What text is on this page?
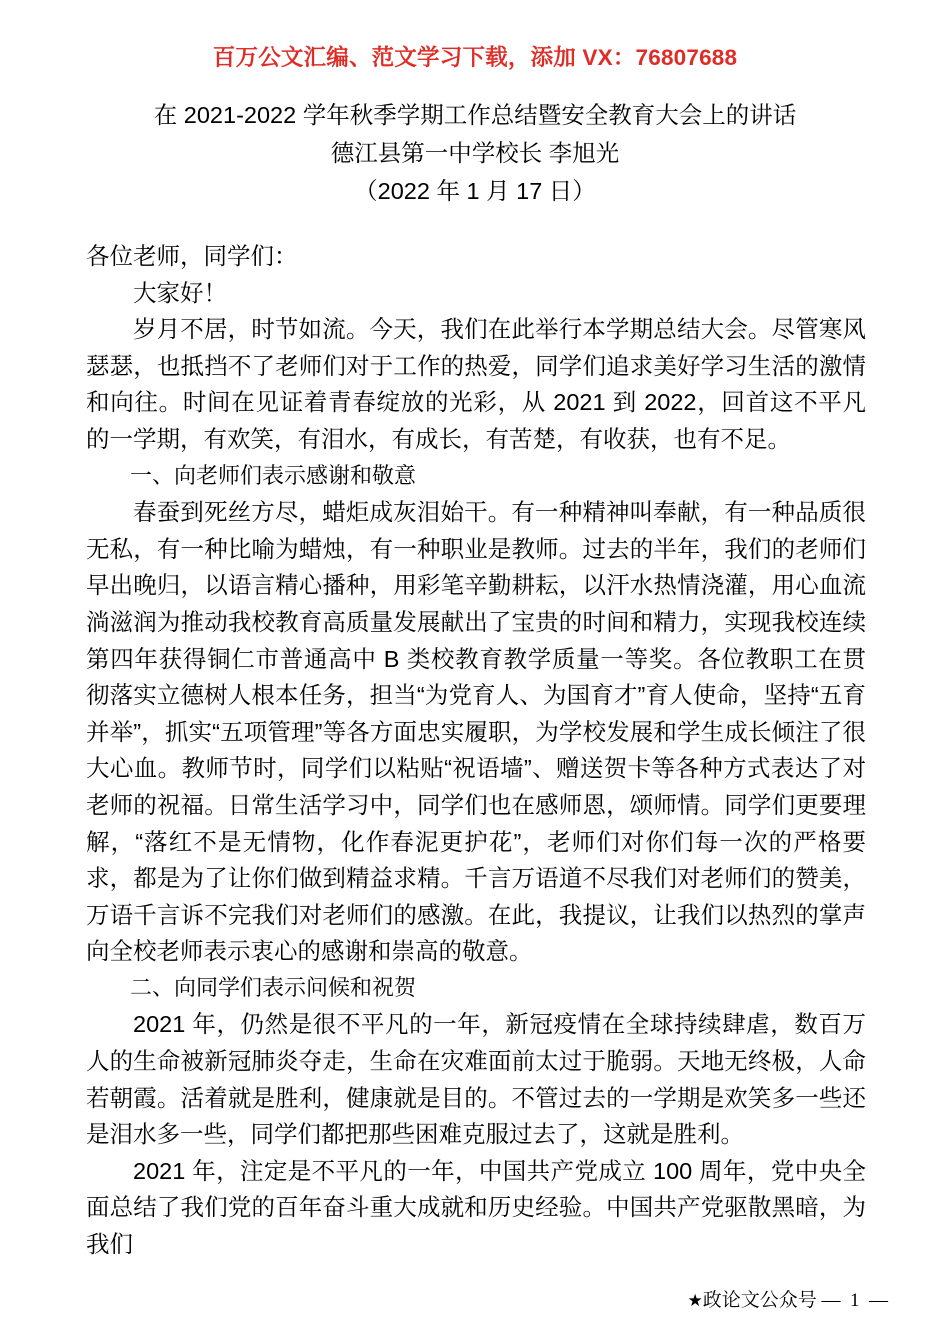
百万公文汇编、范文学习下载，添加 VX：76807688
在 2021-2022 学年秋季学期工作总结暨安全教育大会上的讲话
德江县第一中学校长 李旭光
（2022 年 1 月 17 日）

各位老师，同学们：

大家好！

岁月不居，时节如流。今天，我们在此举行本学期总结大会。尽管寒风瑟瑟，也抵挡不了老师们对于工作的热爱，同学们追求美好学习生活的激情和向往。时间在见证着青春绽放的光彩，从 2021 到 2022，回首这不平凡的一学期，有欢笑，有泪水，有成长，有苦楚，有收获，也有不足。

一、向老师们表示感谢和敬意

春蚕到死丝方尽，蜡炬成灰泪始干。有一种精神叫奉献，有一种品质很无私，有一种比喻为蜡烛，有一种职业是教师。过去的半年，我们的老师们早出晚归，以语言精心播种，用彩笔辛勤耕耘，以汗水热情浇灌，用心血流淌滋润为推动我校教育高质量发展献出了宝贵的时间和精力，实现我校连续第四年获得铜仁市普通高中 B 类校教育教学质量一等奖。各位教职工在贯彻落实立德树人根本任务，担当“为党育人、为国育才”育人使命，坚持“五育并举”，抓实“五项管理”等各方面忠实履职，为学校发展和学生成长倾注了很大心血。教师节时，同学们以粘贴“祝语墙”、赠送贺卡等各种方式表达了对老师的祝福。日常生活学习中，同学们也在感师恩，颂师情。同学们更要理解，“落红不是无情物，化作春泥更护花”，老师们对你们每一次的严格要求，都是为了让你们做到精益求精。千言万语道不尽我们对老师们的赞美，万语千言诉不完我们对老师们的感激。在此，我提议，让我们以热烈的掌声向全校老师表示衷心的感谢和崇高的敬意。

二、向同学们表示问候和祝贺

2021 年，仍然是很不平凡的一年，新冠疫情在全球持续肆虐，数百万人的生命被新冠肺炎夺走，生命在灾难面前太过于脆弱。天地无终极，人命若朝霞。活着就是胜利，健康就是目的。不管过去的一学期是欢笑多一些还是泪水多一些，同学们都把那些困难克服过去了，这就是胜利。

2021 年，注定是不平凡的一年，中国共产党成立 100 周年，党中央全面总结了我们党的百年奋斗重大成就和历史经验。中国共产党驱散黑暗，为我们

★政论文公众号 — 1 —
